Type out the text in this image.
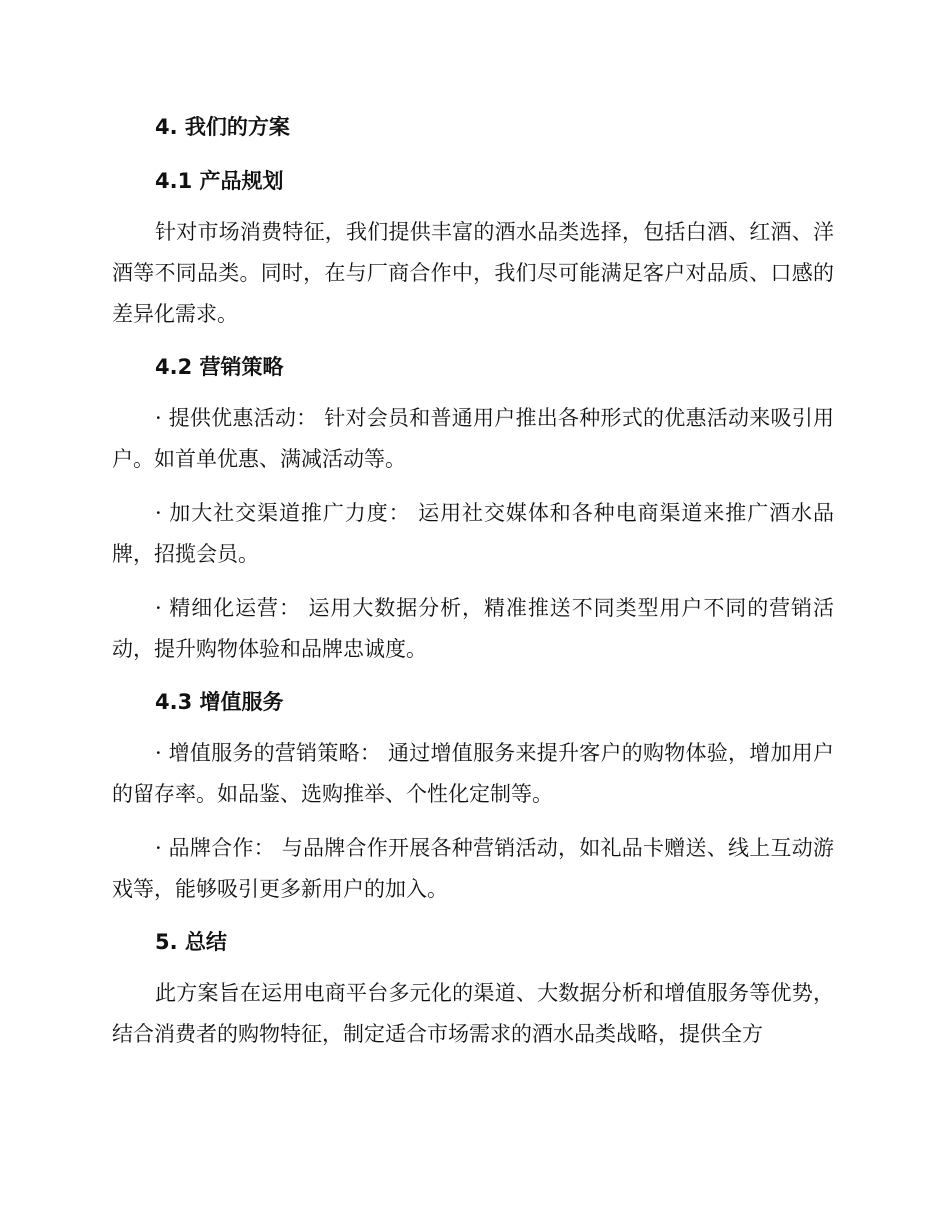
4. 我们的方案
4.1 产品规划

针对市场消费特征，我们提供丰富的酒水品类选择，包括白酒、红酒、洋酒等不同品类。同时，在与厂商合作中，我们尽可能满足客户对品质、口感的差异化需求。

4.2 营销策略

· 提供优惠活动： 针对会员和普通用户推出各种形式的优惠活动来吸引用户。如首单优惠、满减活动等。

· 加大社交渠道推广力度： 运用社交媒体和各种电商渠道来推广酒水品牌，招揽会员。

· 精细化运营： 运用大数据分析，精准推送不同类型用户不同的营销活动，提升购物体验和品牌忠诚度。

4.3 增值服务

· 增值服务的营销策略： 通过增值服务来提升客户的购物体验，增加用户的留存率。如品鉴、选购推举、个性化定制等。

· 品牌合作： 与品牌合作开展各种营销活动，如礼品卡赠送、线上互动游戏等，能够吸引更多新用户的加入。

5. 总结

此方案旨在运用电商平台多元化的渠道、大数据分析和增值服务等优势，结合消费者的购物特征，制定适合市场需求的酒水品类战略，提供全方
